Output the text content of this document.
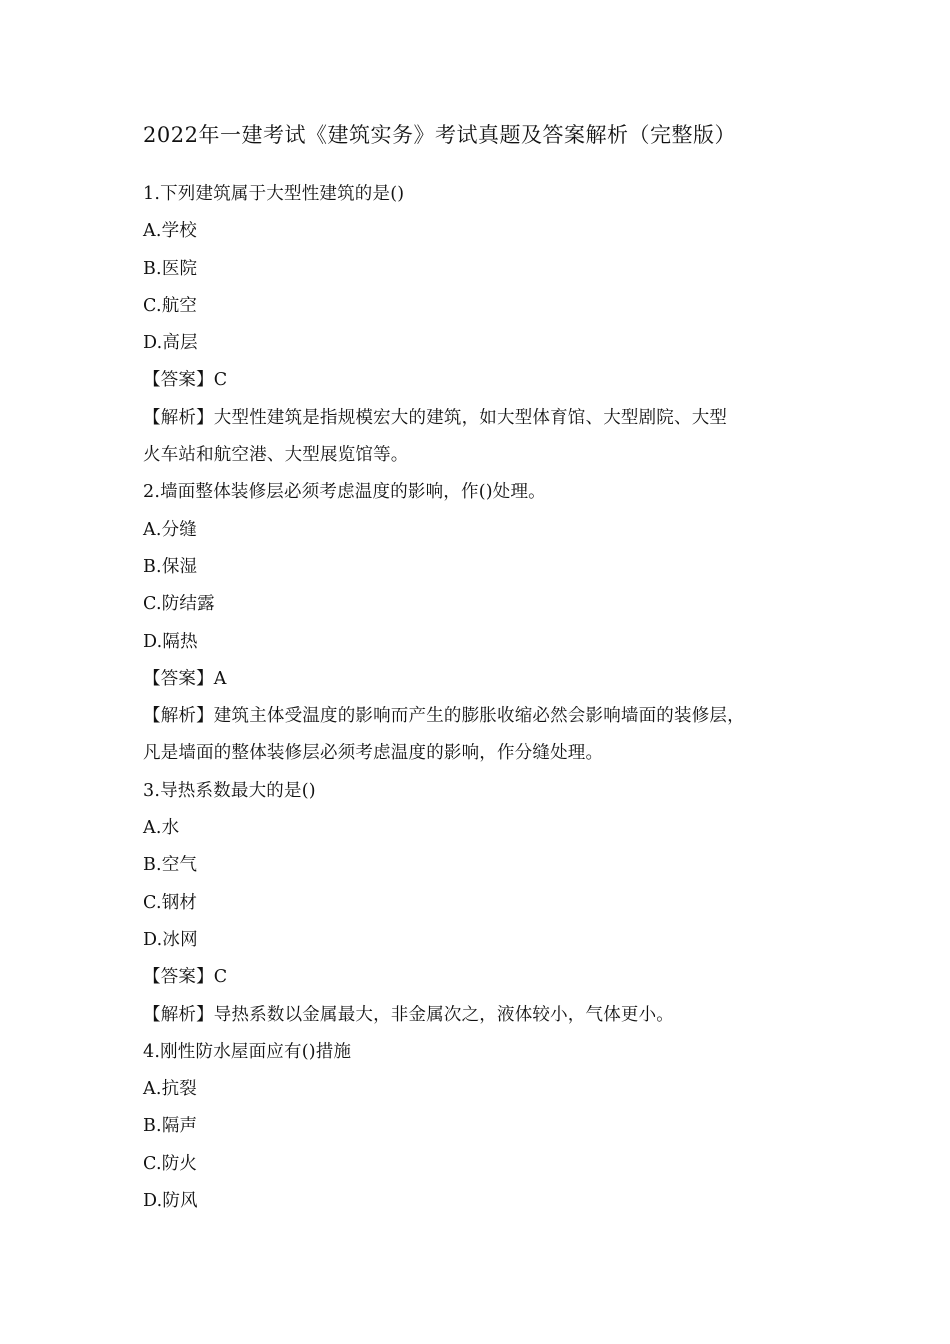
2022年一建考试《建筑实务》考试真题及答案解析（完整版）
1.下列建筑属于大型性建筑的是()
A.学校
B.医院
C.航空
D.高层
【答案】C
【解析】大型性建筑是指规模宏大的建筑，如大型体育馆、大型剧院、大型
火车站和航空港、大型展览馆等。
2.墙面整体装修层必须考虑温度的影响，作()处理。
A.分缝
B.保湿
C.防结露
D.隔热
【答案】A
【解析】建筑主体受温度的影响而产生的膨胀收缩必然会影响墙面的装修层，
凡是墙面的整体装修层必须考虑温度的影响，作分缝处理。
3.导热系数最大的是()
A.水
B.空气
C.钢材
D.冰网
【答案】C
【解析】导热系数以金属最大，非金属次之，液体较小，气体更小。
4.刚性防水屋面应有()措施
A.抗裂
B.隔声
C.防火
D.防风
